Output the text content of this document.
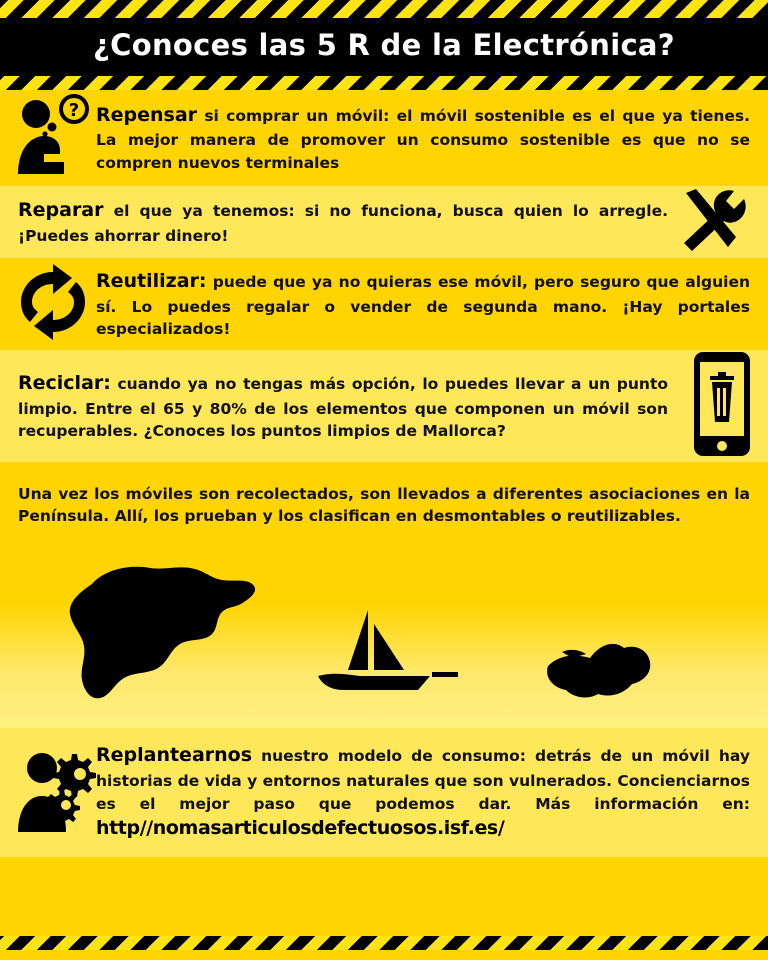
¿Conoces las 5 R de la Electrónica?
? Repensar si comprar un móvil: el móvil sostenible es el que ya tienes. La mejor manera de promover un consumo sostenible es que no se compren nuevos terminales

Reparar el que ya tenemos: si no funciona, busca quien lo arregle. ¡Puedes ahorrar dinero!

Reutilizar: puede que ya no quieras ese móvil, pero seguro que alguien sí. Lo puedes regalar o vender de segunda mano. ¡Hay portales especializados!

Reciclar: cuando ya no tengas más opción, lo puedes llevar a un punto limpio. Entre el 65 y 80% de los elementos que componen un móvil son recuperables. ¿Conoces los puntos limpios de Mallorca?

Una vez los móviles son recolectados, son llevados a diferentes asociaciones en la Península. Allí, los prueban y los clasifican en desmontables o reutilizables.

Replantearnos nuestro modelo de consumo: detrás de un móvil hay historias de vida y entornos naturales que son vulnerados. Concienciarnos es el mejor paso que podemos dar. Más información en: http//nomasarticulosdefectuosos.isf.es/
